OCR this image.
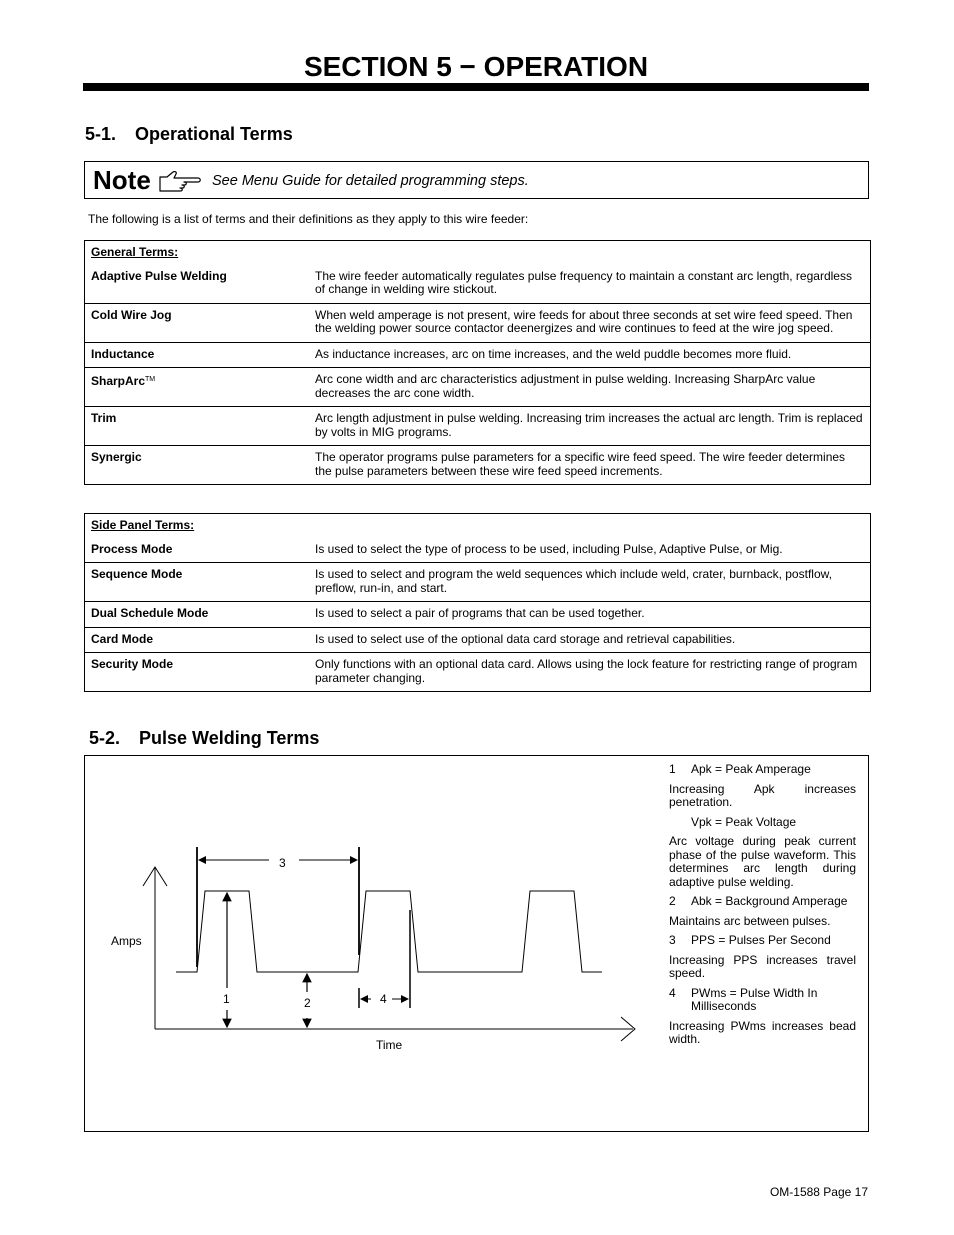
SECTION 5 − OPERATION
5-1. Operational Terms
Note	See Menu Guide for detailed programming steps.
The following is a list of terms and their definitions as they apply to this wire feeder:
General Terms:	
Adaptive Pulse Welding	The wire feeder automatically regulates pulse frequency to maintain a constant arc length, regardless of change in welding wire stickout.
Cold Wire Jog	When weld amperage is not present, wire feeds for about three seconds at set wire feed speed. Then the welding power source contactor deenergizes and wire continues to feed at the wire jog speed.
Inductance	As inductance increases, arc on time increases, and the weld puddle becomes more fluid.
SharpArc™	Arc cone width and arc characteristics adjustment in pulse welding. Increasing SharpArc value decreases the arc cone width.
Trim	Arc length adjustment in pulse welding. Increasing trim increases the actual arc length. Trim is replaced by volts in MIG programs.
Synergic	The operator programs pulse parameters for a specific wire feed speed. The wire feeder determines the pulse parameters between these wire feed speed increments.
Side Panel Terms:	
Process Mode	Is used to select the type of process to be used, including Pulse, Adaptive Pulse, or Mig.
Sequence Mode	Is used to select and program the weld sequences which include weld, crater, burnback, postflow, preflow, run-in, and start.
Dual Schedule Mode	Is used to select a pair of programs that can be used together.
Card Mode	Is used to select use of the optional data card storage and retrieval capabilities.
Security Mode	Only functions with an optional data card. Allows using the lock feature for restricting range of program parameter changing.
5-2. Pulse Welding Terms
3
1	2	4
Amps
Time

1	Apk = Peak Amperage

Increasing Apk increases penetration.

Vpk = Peak Voltage

Arc voltage during peak current phase of the pulse waveform. This determines arc length during adaptive pulse welding.

2	Abk = Background Amperage

Maintains arc between pulses.

3	PPS = Pulses Per Second

Increasing PPS increases travel speed.

4	PWms = Pulse Width In Milliseconds

Increasing PWms increases bead width.

OM-1588 Page 17
